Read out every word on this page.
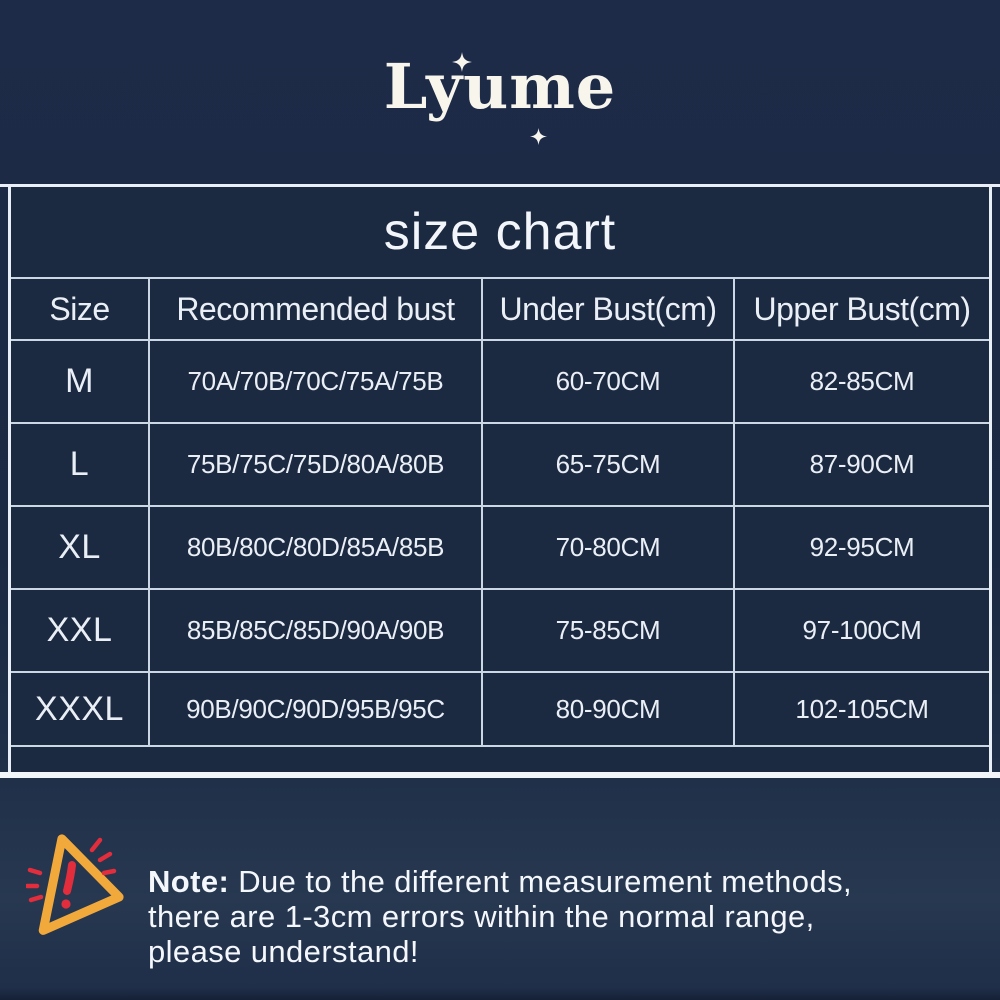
Lyume
size chart
Size	Recommended bust	Under Bust(cm)	Upper Bust(cm)
M	70A/70B/70C/75A/75B	60-70CM	82-85CM
L	75B/75C/75D/80A/80B	65-75CM	87-90CM
XL	80B/80C/80D/85A/85B	70-80CM	92-95CM
XXL	85B/85C/85D/90A/90B	75-85CM	97-100CM
XXXL	90B/90C/90D/95B/95C	80-90CM	102-105CM

Note: Due to the different measurement methods,
there are 1-3cm errors within the normal range,
please understand!
